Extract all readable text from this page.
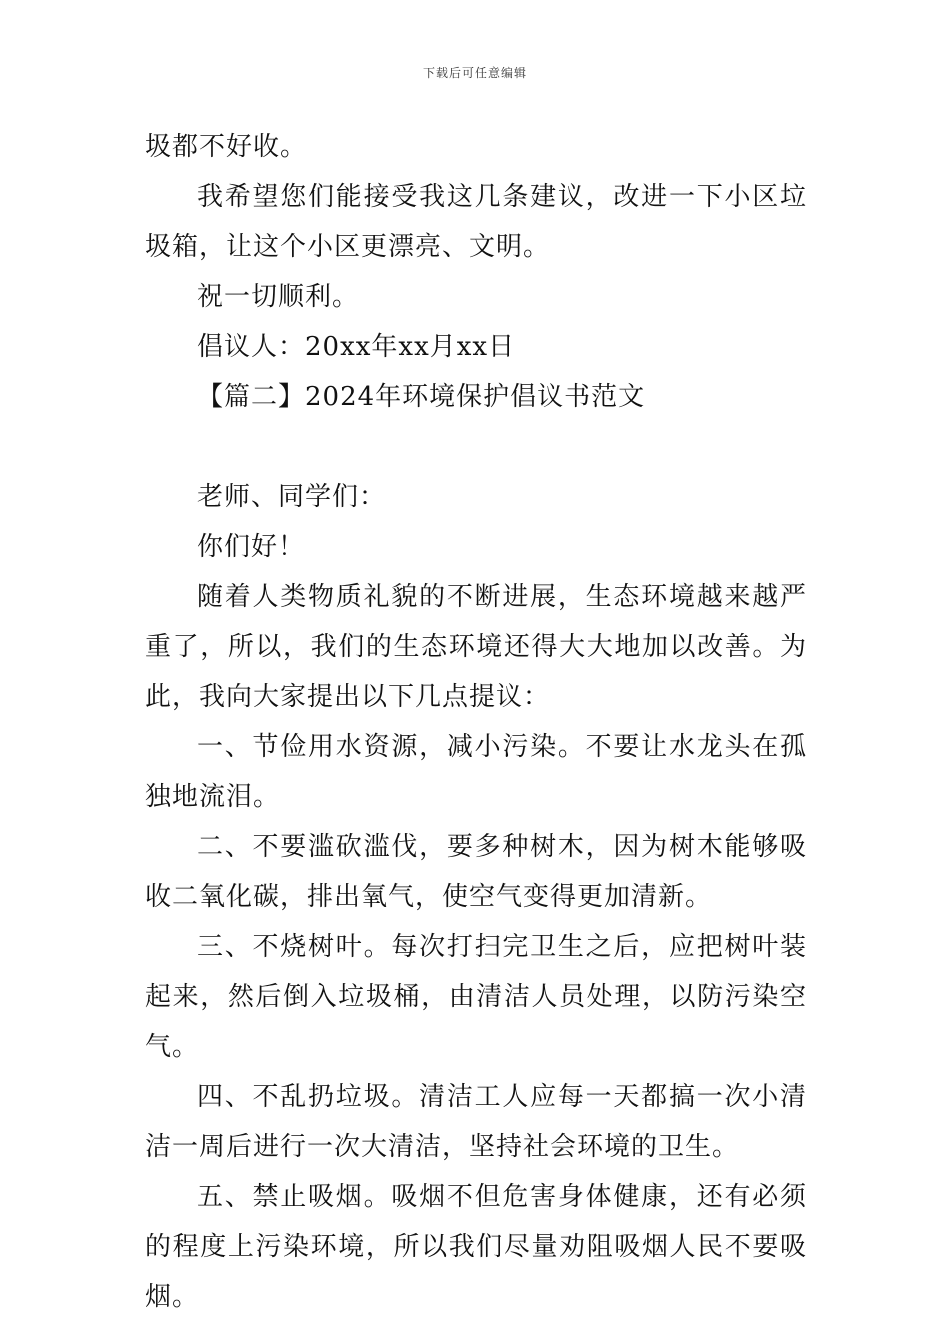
下载后可任意编辑

圾都不好收。

我希望您们能接受我这几条建议，改进一下小区垃圾箱，让这个小区更漂亮、文明。

祝一切顺利。

倡议人：20xx年xx月xx日

【篇二】2024年环境保护倡议书范文

老师、同学们：

你们好！

随着人类物质礼貌的不断进展，生态环境越来越严重了，所以，我们的生态环境还得大大地加以改善。为此，我向大家提出以下几点提议：

一、节俭用水资源，减小污染。不要让水龙头在孤独地流泪。

二、不要滥砍滥伐，要多种树木，因为树木能够吸收二氧化碳，排出氧气，使空气变得更加清新。

三、不烧树叶。每次打扫完卫生之后，应把树叶装起来，然后倒入垃圾桶，由清洁人员处理，以防污染空气。

四、不乱扔垃圾。清洁工人应每一天都搞一次小清洁一周后进行一次大清洁，坚持社会环境的卫生。

五、禁止吸烟。吸烟不但危害身体健康，还有必须的程度上污染环境，所以我们尽量劝阻吸烟人民不要吸烟。
